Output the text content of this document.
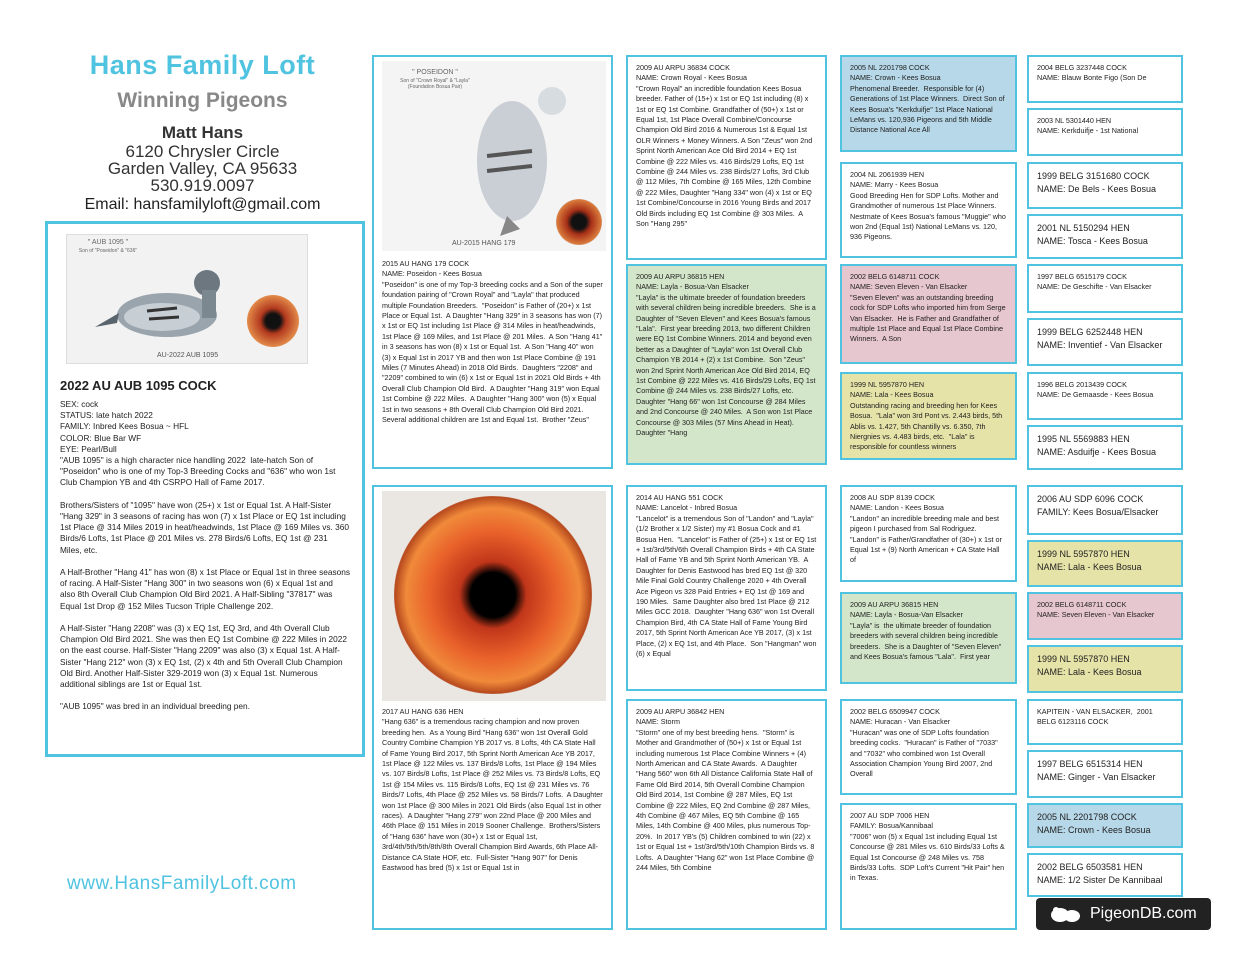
Hans Family Loft
Winning Pigeons
Matt Hans
6120 Chrysler Circle
Garden Valley, CA 95633
530.919.0097
Email: hansfamilyloft@gmail.com
" AUB 1095 "
Son of "Poseidon" & "636"
AU-2022 AUB 1095
2022 AU AUB 1095 COCK
SEX: cock
STATUS: late hatch 2022
FAMILY: Inbred Kees Bosua ~ HFL
COLOR: Blue Bar WF
EYE: Pearl/Bull
"AUB 1095" is a high character nice handling 2022  late-hatch Son of "Poseidon" who is one of my Top-3 Breeding Cocks and "636" who won 1st Club Champion YB and 4th CSRPO Hall of Fame 2017.

Brothers/Sisters of "1095" have won (25+) x 1st or Equal 1st. A Half-Sister "Hang 329" in 3 seasons of racing has won (7) x 1st Place or EQ 1st including 1st Place @ 314 Miles 2019 in heat/headwinds, 1st Place @ 169 Miles vs. 360 Birds/6 Lofts, 1st Place @ 201 Miles vs. 278 Birds/6 Lofts, EQ 1st @ 231 Miles, etc.

A Half-Brother "Hang 41" has won (8) x 1st Place or Equal 1st in three seasons of racing. A Half-Sister "Hang 300" in two seasons won (6) x Equal 1st and also 8th Overall Club Champion Old Bird 2021. A Half-Sibling "37817" was Equal 1st Drop @ 152 Miles Tucson Triple Challenge 202.

A Half-Sister "Hang 2208" was (3) x EQ 1st, EQ 3rd, and 4th Overall Club Champion Old Bird 2021. She was then EQ 1st Combine @ 222 Miles in 2022 on the east course. Half-Sister "Hang 2209" was also (3) x Equal 1st. A Half-Sister "Hang 212" won (3) x EQ 1st, (2) x 4th and 5th Overall Club Champion Old Bird. Another Half-Sister 329-2019 won (3) x Equal 1st. Numerous additional siblings are 1st or Equal 1st.

"AUB 1095" was bred in an individual breeding pen.
www.HansFamilyLoft.com
" POSEIDON "
Son of "Crown Royal" & "Layla" (Foundation Bosua Pair)
AU-2015 HANG 179
2015 AU HANG 179 COCK
NAME: Poseidon - Kees Bosua
"Poseidon" is one of my Top-3 breeding cocks and a Son of the super foundation pairing of "Crown Royal" and "Layla" that produced multiple Foundation Breeders.  "Poseidon" is Father of (20+) x 1st Place or Equal 1st.  A Daughter "Hang 329" in 3 seasons has won (7) x 1st or EQ 1st including 1st Place @ 314 Miles in heat/headwinds, 1st Place @ 169 Miles, and 1st Place @ 201 Miles.  A Son "Hang 41" in 3 seasons has won (8) x 1st or Equal 1st.  A Son "Hang 40" won (3) x Equal 1st in 2017 YB and then won 1st Place Combine @ 191 Miles (7 Minutes Ahead) in 2018 Old Birds.  Daughters "2208" and "2209" combined to win (6) x 1st or Equal 1st in 2021 Old Birds + 4th Overall Club Champion Old Bird.  A Daughter "Hang 319" won Equal 1st Combine @ 222 Miles.  A Daughter "Hang 300" won (5) x Equal 1st in two seasons + 8th Overall Club Champion Old Bird 2021.  Several additional children are 1st and Equal 1st.  Brother "Zeus"
2017 AU HANG 636 HEN
"Hang 636" is a tremendous racing champion and now proven breeding hen.  As a Young Bird "Hang 636" won 1st Overall Gold Country Combine Champion YB 2017 vs. 8 Lofts, 4th CA State Hall of Fame Young Bird 2017, 5th Sprint North American Ace YB 2017, 1st Place @ 122 Miles vs. 137 Birds/8 Lofts, 1st Place @ 194 Miles vs. 107 Birds/8 Lofts, 1st Place @ 252 Miles vs. 73 Birds/8 Lofts, EQ 1st @ 154 Miles vs. 115 Birds/8 Lofts, EQ 1st @ 231 Miles vs. 76 Birds/7 Lofts, 4th Place @ 252 Miles vs. 58 Birds/7 Lofts.  A Daughter won 1st Place @ 300 Miles in 2021 Old Birds (also Equal 1st in other races).  A Daughter "Hang 279" won 22nd Place @ 200 Miles and 46th Place @ 151 Miles in 2019 Sooner Challenge.  Brothers/Sisters of "Hang 636" have won (30+) x 1st or Equal 1st, 3rd/4th/5th/5th/8th/8th Overall Champion Bird Awards, 6th Place All-Distance CA State HOF, etc.  Full-Sister "Hang 907" for Denis Eastwood has bred (5) x 1st or Equal 1st in
PigeonDB.com
2009 AU ARPU 36834 COCK
NAME: Crown Royal - Kees Bosua
"Crown Royal" an incredible foundation Kees Bosua breeder. Father of (15+) x 1st or EQ 1st including (8) x 1st or EQ 1st Combine. Grandfather of (50+) x 1st or Equal 1st, 1st Place Overall Combine/Concourse Champion Old Bird 2016 & Numerous 1st & Equal 1st OLR Winners + Money Winners. A Son "Zeus" won 2nd Sprint North American Ace Old Bird 2014 + EQ 1st Combine @ 222 Miles vs. 416 Birds/29 Lofts, EQ 1st Combine @ 244 Miles vs. 238 Birds/27 Lofts, 3rd Club @ 112 Miles, 7th Combine @ 165 Miles, 12th Combine @ 222 Miles, Daughter "Hang 334" won (4) x 1st or EQ 1st Combine/Concourse in 2016 Young Birds and 2017 Old Birds including EQ 1st Combine @ 303 Miles.  A Son "Hang 295"
2009 AU ARPU 36815 HEN
NAME: Layla - Bosua-Van Elsacker
"Layla" is the ultimate breeder of foundation breeders with several children being incredible breeders.  She is a Daughter of "Seven Eleven" and Kees Bosua's famous "Lala".  First year breeding 2013, two different Children were EQ 1st Combine Winners. 2014 and beyond even better as a Daughter of "Layla" won 1st Overall Club Champion YB 2014 + (2) x 1st Combine.  Son "Zeus" won 2nd Sprint North American Ace Old Bird 2014, EQ 1st Combine @ 222 Miles vs. 416 Birds/29 Lofts, EQ 1st Combine @ 244 Miles vs. 238 Birds/27 Lofts, etc.  Daughter "Hang 66" won 1st Concourse @ 284 Miles and 2nd Concourse @ 240 Miles.  A Son won 1st Place Concourse @ 303 Miles (57 Mins Ahead in Heat).  Daughter "Hang
2014 AU HANG 551 COCK
NAME: Lancelot - Inbred Bosua
"Lancelot" is a tremendous Son of "Landon" and "Layla" (1/2 Brother x 1/2 Sister) my #1 Bosua Cock and #1 Bosua Hen.  "Lancelot" is Father of (25+) x 1st or EQ 1st + 1st/3rd/5th/6th Overall Champion Birds + 4th CA State Hall of Fame YB and 5th Sprint North American YB.  A Daughter for Denis Eastwood has bred EQ 1st @ 320 Mile Final Gold Country Challenge 2020 + 4th Overall Ace Pigeon vs 328 Paid Entries + EQ 1st @ 169 and 190 Miles.  Same Daughter also bred 1st Place @ 212 Miles GCC 2018.  Daughter "Hang 636" won 1st Overall Champion Bird, 4th CA State Hall of Fame Young Bird 2017, 5th Sprint North American Ace YB 2017, (3) x 1st Place, (2) x EQ 1st, and 4th Place.  Son "Hangman" won (6) x Equal
2009 AU ARPU 36842 HEN
NAME: Storm
"Storm" one of my best breeding hens.  "Storm" is Mother and Grandmother of (50+) x 1st or Equal 1st including numerous 1st Place Combine Winners + (4) North American and CA State Awards.  A Daughter "Hang 560" won 6th All Distance California State Hall of Fame Old Bird 2014, 5th Overall Combine Champion Old Bird 2014, 1st Combine @ 287 Miles, EQ 1st Combine @ 222 Miles, EQ 2nd Combine @ 287 Miles, 4th Combine @ 467 Miles, EQ 5th Combine @ 165 Miles, 14th Combine @ 400 Miles, plus numerous Top-20%.  In 2017 YB's (5) Children combined to win (22) x 1st or Equal 1st + 1st/3rd/5th/10th Champion Birds vs. 8 Lofts.  A Daughter "Hang 62" won 1st Place Combine @ 244 Miles, 5th Combine
2005 NL 2201798 COCK
NAME: Crown - Kees Bosua
Phenomenal Breeder.  Responsible for (4) Generations of 1st Place Winners.  Direct Son of Kees Bosua's "Kerkduifje" 1st Place National LeMans vs. 120,936 Pigeons and 5th Middle Distance National Ace All
2004 NL 2061939 HEN
NAME: Marry - Kees Bosua
Good Breeding Hen for SDP Lofts. Mother and Grandmother of numerous 1st Place Winners.  Nestmate of Kees Bosua's famous "Muggie" who won 2nd (Equal 1st) National LeMans vs. 120, 936 Pigeons.
2002 BELG 6148711 COCK
NAME: Seven Eleven - Van Elsacker
"Seven Eleven" was an outstanding breeding cock for SDP Lofts who imported him from Serge Van Elsacker.  He is Father and Grandfather of multiple 1st Place and Equal 1st Place Combine Winners.  A Son
1999 NL 5957870 HEN
NAME: Lala - Kees Bosua
Outstanding racing and breeding hen for Kees Bosua.  "Lala" won 3rd Pont vs. 2.443 birds, 5th Ablis vs. 1.427, 5th Chantilly vs. 6.350, 7th Niergnies vs. 4.483 birds, etc.  "Lala" is responsible for countless winners
2008 AU SDP 8139 COCK
NAME: Landon - Kees Bosua
"Landon" an incredible breeding male and best pigeon I purchased from Sal Rodriguez.  "Landon" is Father/Grandfather of (30+) x 1st or Equal 1st + (9) North American + CA State Hall of
2009 AU ARPU 36815 HEN
NAME: Layla - Bosua-Van Elsacker
"Layla" is  the ultimate breeder of foundation breeders with several children being incredible breeders.  She is a Daughter of "Seven Eleven" and Kees Bosua's famous "Lala".  First year
2002 BELG 6509947 COCK
NAME: Huracan - Van Elsacker
"Huracan" was one of SDP Lofts foundation breeding cocks.  "Huracan" is Father of "7033" and "7032" who combined won 1st Overall  Association Champion Young Bird 2007, 2nd Overall
2007 AU SDP 7006 HEN
FAMILY: Bosua/Kannibaal
"7006" won (5) x Equal 1st including Equal 1st Concourse @ 281 Miles vs. 610 Birds/33 Lofts & Equal 1st Concourse @ 248 Miles vs. 758 Birds/33 Lofts.  SDP Loft's Current "Hit Pair" hen in Texas.
2004 BELG 3237448 COCK
NAME: Blauw Bonte Figo (Son De
2003 NL 5301440 HEN
NAME: Kerkduifje - 1st National
1999 BELG 3151680 COCK
NAME: De Bels - Kees Bosua
2001 NL 5150294 HEN
NAME: Tosca - Kees Bosua
1997 BELG 6515179 COCK
NAME: De Geschifte - Van Elsacker
1999 BELG 6252448 HEN
NAME: Inventief - Van Elsacker
1996 BELG 2013439 COCK
NAME: De Gemaasde - Kees Bosua
1995 NL 5569883 HEN
NAME: Asduifje - Kees Bosua
2006 AU SDP 6096 COCK
FAMILY: Kees Bosua/Elsacker
1999 NL 5957870 HEN
NAME: Lala - Kees Bosua
2002 BELG 6148711 COCK
NAME: Seven Eleven - Van Elsacker
1999 NL 5957870 HEN
NAME: Lala - Kees Bosua
KAPITEIN - VAN ELSACKER,  2001 BELG 6123116 COCK
1997 BELG 6515314 HEN
NAME: Ginger - Van Elsacker
2005 NL 2201798 COCK
NAME: Crown - Kees Bosua
2002 BELG 6503581 HEN
NAME: 1/2 Sister De Kannibaal
